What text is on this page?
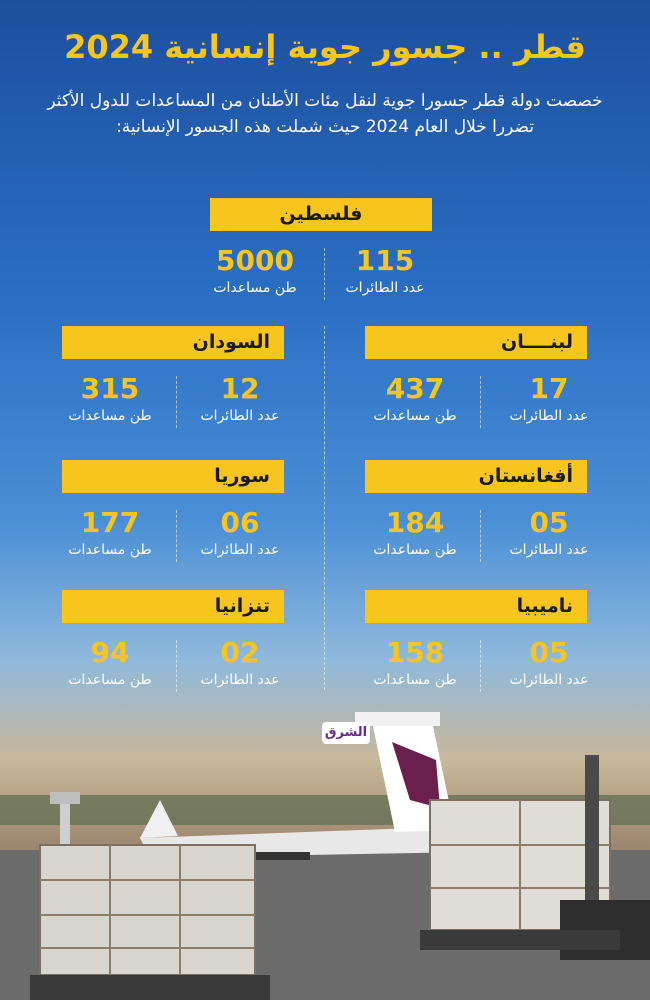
قطر .. جسور جوية إنسانية 2024

خصصت دولة قطر جسورا جوية لنقل مئات الأطنان من المساعدات للدول الأكثر تضررا خلال العام 2024 حيث شملت هذه الجسور الإنسانية:

فلسطين
115
عدد الطائرات
5000
طن مساعدات
لبنــــان
17
عدد الطائرات
437
طن مساعدات
السودان
12
عدد الطائرات
315
طن مساعدات
أفغانستان
05
عدد الطائرات
184
طن مساعدات
سوريا
06
عدد الطائرات
177
طن مساعدات
ناميبيا
05
عدد الطائرات
158
طن مساعدات
تنزانيا
02
عدد الطائرات
94
طن مساعدات
الشرق
